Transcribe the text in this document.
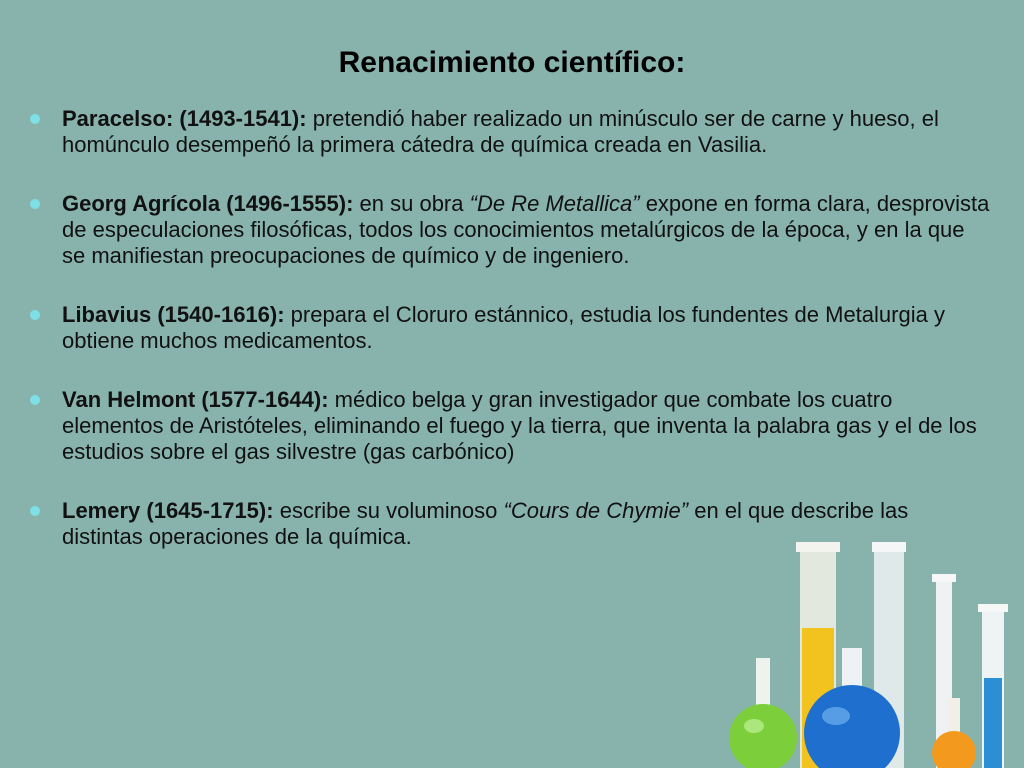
Renacimiento científico:
Paracelso: (1493-1541): pretendió haber realizado un minúsculo ser de carne y hueso, el homúnculo desempeñó la primera cátedra de química creada en Vasilia.
Georg Agrícola (1496-1555): en su obra “De Re Metallica” expone en forma clara, desprovista de especulaciones filosóficas, todos los conocimientos metalúrgicos de la época, y en la que se manifiestan preocupaciones de químico y de ingeniero.
Libavius (1540-1616): prepara el Cloruro estánnico, estudia los fundentes de Metalurgia y obtiene muchos medicamentos.
Van Helmont (1577-1644): médico belga y gran investigador que combate los cuatro elementos de Aristóteles, eliminando el fuego y la tierra, que inventa la palabra gas y el de los estudios sobre el gas silvestre (gas carbónico)
Lemery (1645-1715): escribe su voluminoso “Cours de Chymie” en el que describe las distintas operaciones de la química.
